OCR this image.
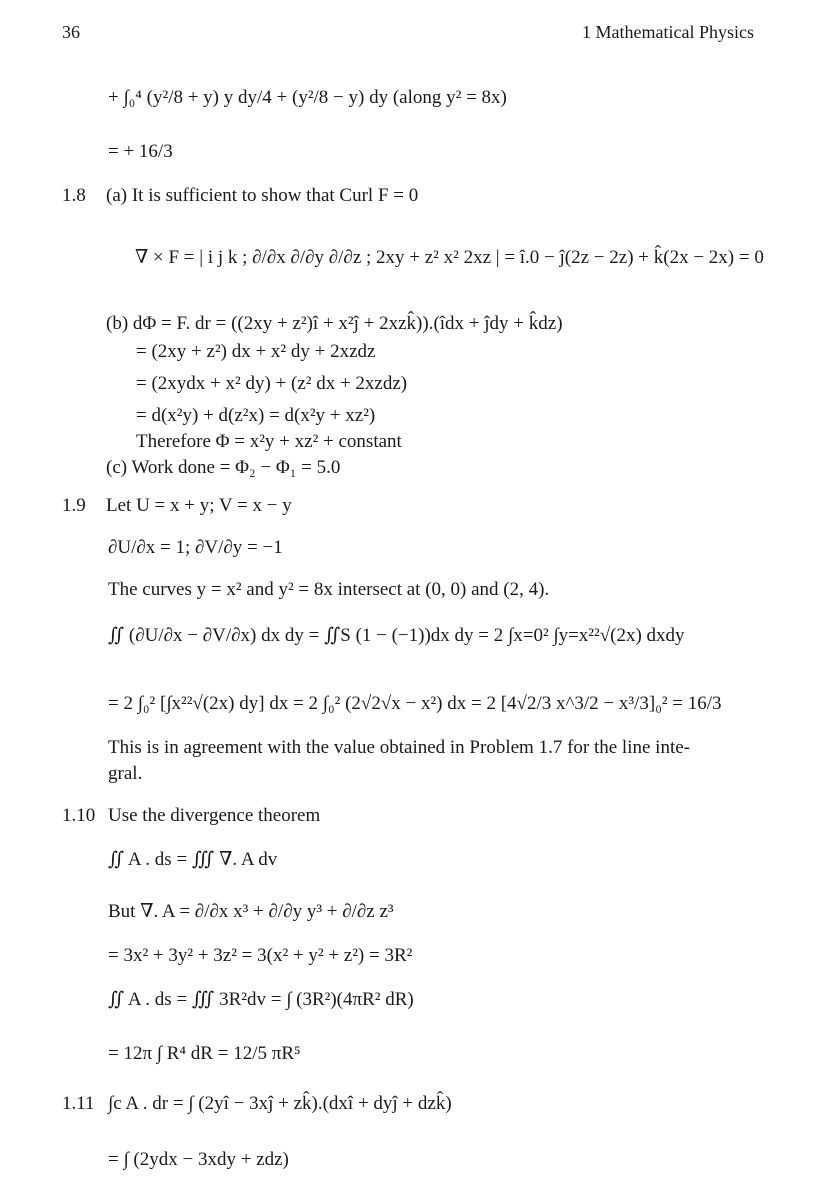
36	1 Mathematical Physics
+ ∫₀⁴ (y²/8 + y) y dy/4 + (y²/8 − y) dy (along y² = 8x)
= + 16/3
1.8 (a) It is sufficient to show that Curl F = 0
∇ × F = | i j k ; ∂/∂x ∂/∂y ∂/∂z ; 2xy + z² x² 2xz | = î.0 − ĵ(2z − 2z) + k̂(2x − 2x) = 0
(b) dΦ = F. dr = ((2xy + z²)î + x²ĵ + 2xzk̂)).(îdx + ĵdy + k̂dz)
= (2xy + z²) dx + x² dy + 2xzdz
= (2xydx + x² dy) + (z² dx + 2xzdz)
= d(x²y) + d(z²x) = d(x²y + xz²)
Therefore Φ = x²y + xz² + constant
(c) Work done = Φ₂ − Φ₁ = 5.0
1.9 Let U = x + y; V = x − y
∂U/∂x = 1; ∂V/∂y = −1
The curves y = x² and y² = 8x intersect at (0, 0) and (2, 4).
∬ (∂U/∂x − ∂V/∂x) dx dy = ∬S (1 − (−1))dx dy = 2 ∫x=0² ∫y=x²²√(2x) dxdy
= 2 ∫₀² [∫x²²√(2x) dy] dx = 2 ∫₀² (2√2√x − x²) dx = 2 [4√2/3 x^3/2 − x³/3]₀² = 16/3
This is in agreement with the value obtained in Problem 1.7 for the line inte-
gral.
1.10 Use the divergence theorem
∬ A . ds = ∭ ∇. A dv
But ∇. A = ∂/∂x x³ + ∂/∂y y³ + ∂/∂z z³
= 3x² + 3y² + 3z² = 3(x² + y² + z²) = 3R²
∬ A . ds = ∭ 3R²dv = ∫ (3R²)(4πR² dR)
= 12π ∫ R⁴ dR = 12/5 πR⁵
1.11 ∫c A . dr = ∫ (2yî − 3xĵ + zk̂).(dxî + dyĵ + dzk̂)
= ∫ (2ydx − 3xdy + zdz)
